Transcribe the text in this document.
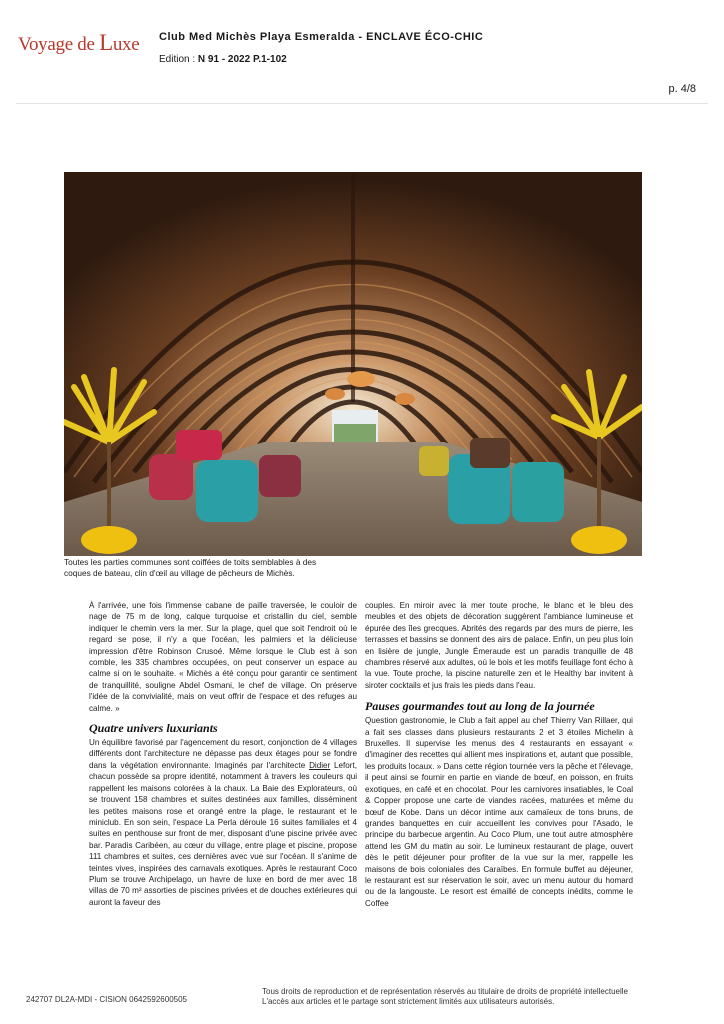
Voyage de Luxe Club Med Michès Playa Esmeralda - ENCLAVE ÉCO-CHIC
Edition : N 91 - 2022 P.1-102
p. 4/8
Toutes les parties communes sont coiffées de toits semblables à des coques de bateau, clin d'œil au village de pêcheurs de Michès.

À l'arrivée, une fois l'immense cabane de paille traversée, le couloir de nage de 75 m de long, calque turquoise et cristallin du ciel, semble indiquer le chemin vers la mer. Sur la plage, quel que soit l'endroit où le regard se pose, il n'y a que l'océan, les palmiers et la délicieuse impression d'être Robinson Crusoé. Même lorsque le Club est à son comble, les 335 chambres occupées, on peut conserver un espace au calme si on le souhaite. « Michès a été conçu pour garantir ce sentiment de tranquillité, souligne Abdel Osmani, le chef de village. On préserve l'idée de la convivialité, mais on veut offrir de l'espace et des refuges au calme. »

Quatre univers luxuriants

Un équilibre favorisé par l'agencement du resort, conjonction de 4 villages différents dont l'architecture ne dépasse pas deux étages pour se fondre dans la végétation environnante. Imaginés par l'architecte Didier Lefort, chacun possède sa propre identité, notamment à travers les couleurs qui rappellent les maisons colorées à la chaux. La Baie des Explorateurs, où se trouvent 158 chambres et suites destinées aux familles, disséminent les petites maisons rose et orangé entre la plage, le restaurant et le miniclub. En son sein, l'espace La Perla déroule 16 suites familiales et 4 suites en penthouse sur front de mer, disposant d'une piscine privée avec bar. Paradis Caribéen, au cœur du village, entre plage et piscine, propose 111 chambres et suites, ces dernières avec vue sur l'océan. Il s'anime de teintes vives, inspirées des carnavals exotiques. Après le restaurant Coco Plum se trouve Archipelago, un havre de luxe en bord de mer avec 18 villas de 70 m² assorties de piscines privées et de douches extérieures qui auront la faveur des

couples. En miroir avec la mer toute proche, le blanc et le bleu des meubles et des objets de décoration suggèrent l'ambiance lumineuse et épurée des îles grecques. Abrités des regards par des murs de pierre, les terrasses et bassins se donnent des airs de palace. Enfin, un peu plus loin en lisière de jungle, Jungle Émeraude est un paradis tranquille de 48 chambres réservé aux adultes, où le bois et les motifs feuillage font écho à la vue. Toute proche, la piscine naturelle zen et le Healthy bar invitent à siroter cocktails et jus frais les pieds dans l'eau.

Pauses gourmandes tout au long de la journée

Question gastronomie, le Club a fait appel au chef Thierry Van Rillaer, qui a fait ses classes dans plusieurs restaurants 2 et 3 étoiles Michelin à Bruxelles. Il supervise les menus des 4 restaurants en essayant « d'imaginer des recettes qui allient mes inspirations et, autant que possible, les produits locaux. » Dans cette région tournée vers la pêche et l'élevage, il peut ainsi se fournir en partie en viande de bœuf, en poisson, en fruits exotiques, en café et en chocolat. Pour les carnivores insatiables, le Coal & Copper propose une carte de viandes racées, maturées et même du bœuf de Kobe. Dans un décor intime aux camaïeux de tons bruns, de grandes banquettes en cuir accueillent les convives pour l'Asado, le principe du barbecue argentin. Au Coco Plum, une tout autre atmosphère attend les GM du matin au soir. Le lumineux restaurant de plage, ouvert dès le petit déjeuner pour profiter de la vue sur la mer, rappelle les maisons de bois coloniales des Caraïbes. En formule buffet au déjeuner, le restaurant est sur réservation le soir, avec un menu autour du homard ou de la langouste. Le resort est émaillé de concepts inédits, comme le Coffee

242707 DL2A-MDI - CISION 0642592600505
Tous droits de reproduction et de représentation réservés au titulaire de droits de propriété intellectuelle
L'accès aux articles et le partage sont strictement limités aux utilisateurs autorisés.
